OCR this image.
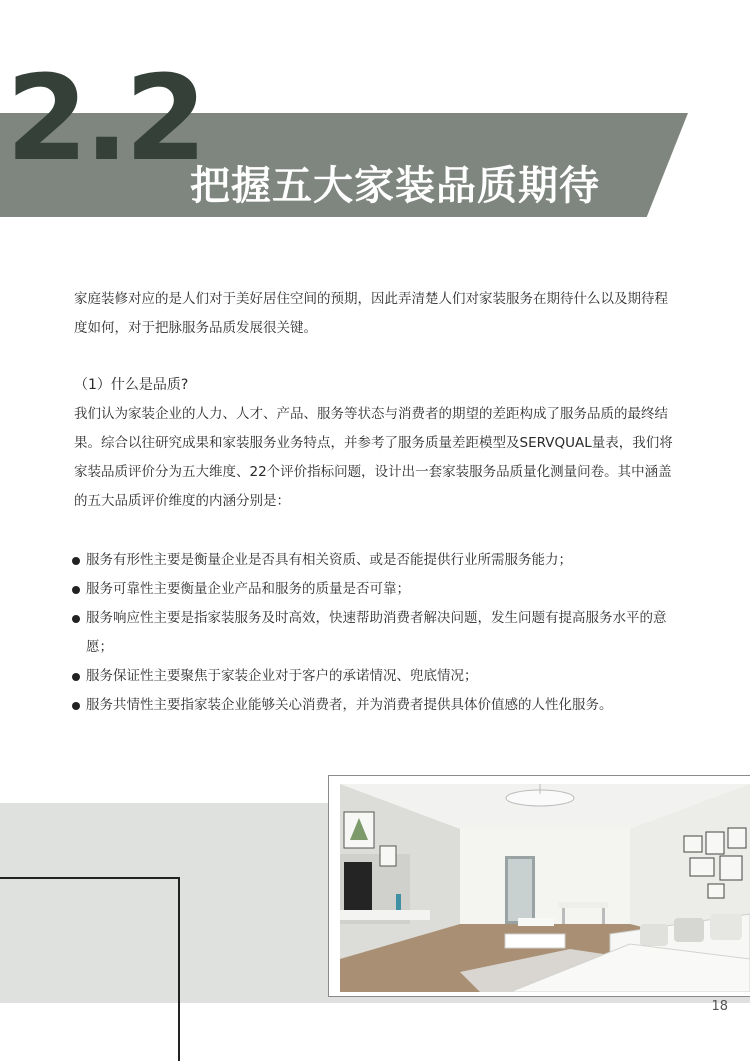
2.2
把握五大家装品质期待

家庭装修对应的是人们对于美好居住空间的预期，因此弄清楚人们对家装服务在期待什么以及期待程度如何，对于把脉服务品质发展很关键。

（1）什么是品质?

我们认为家装企业的人力、人才、产品、服务等状态与消费者的期望的差距构成了服务品质的最终结果。综合以往研究成果和家装服务业务特点，并参考了服务质量差距模型及SERVQUAL量表，我们将家装品质评价分为五大维度、22个评价指标问题，设计出一套家装服务品质量化测量问卷。其中涵盖的五大品质评价维度的内涵分别是：

服务有形性主要是衡量企业是否具有相关资质、或是否能提供行业所需服务能力；
服务可靠性主要衡量企业产品和服务的质量是否可靠；
服务响应性主要是指家装服务及时高效，快速帮助消费者解决问题，发生问题有提高服务水平的意愿；
服务保证性主要聚焦于家装企业对于客户的承诺情况、兜底情况；
服务共情性主要指家装企业能够关心消费者，并为消费者提供具体价值感的人性化服务。
18
